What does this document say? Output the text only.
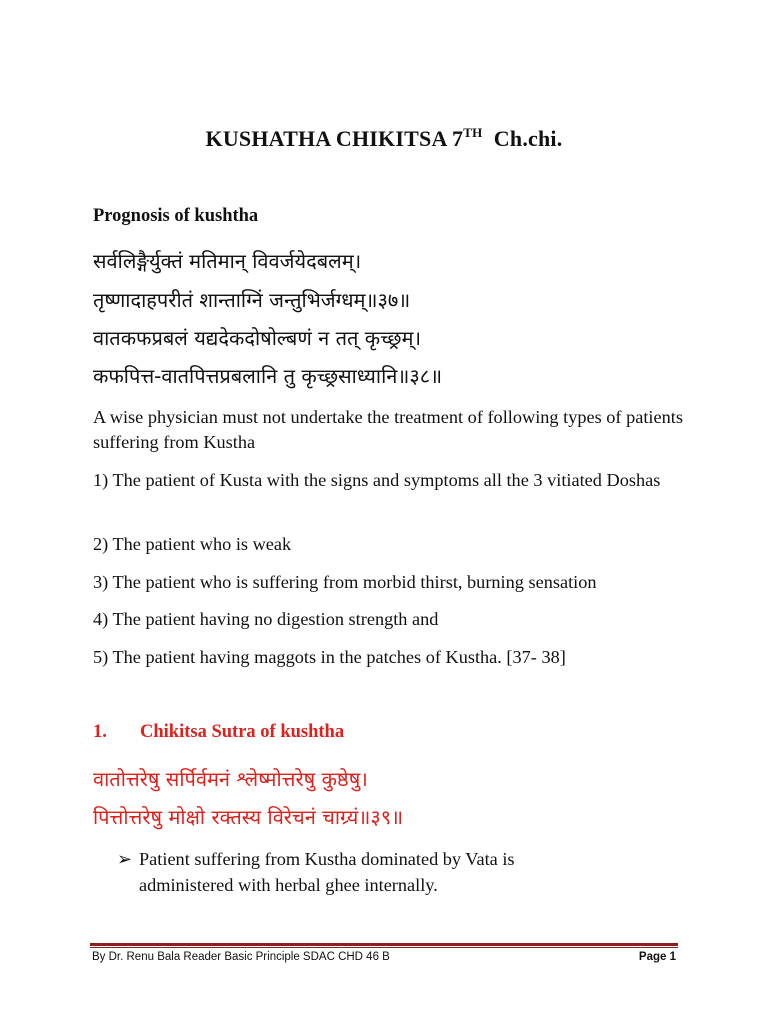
KUSHATHA CHIKITSA 7TH  Ch.chi.
Prognosis of kushtha
सर्वलिङ्गैर्युक्तं मतिमान् विवर्जयेदबलम्।
तृष्णादाहपरीतं शान्ताग्निं जन्तुभिर्जग्धम्॥३७॥
वातकफप्रबलं यद्यदेकदोषोल्बणं न तत् कृच्छ्रम्।
कफपित्त-वातपित्तप्रबलानि तु कृच्छ्रसाध्यानि॥३८॥
A wise physician must not undertake the treatment of following types of patients suffering from Kustha
1) The patient of Kusta with the signs and symptoms all the 3 vitiated Doshas
2) The patient who is weak
3) The patient who is suffering from morbid thirst, burning sensation
4) The patient having no digestion strength and
5) The patient having maggots in the patches of Kustha. [37- 38]
1. Chikitsa Sutra of kushtha
वातोत्तरेषु सर्पिर्वमनं श्लेष्मोत्तरेषु कुष्ठेषु।
पित्तोत्तरेषु मोक्षो रक्तस्य विरेचनं चाग्र्यं॥३९॥
➢ Patient suffering from Kustha dominated by Vata is administered with herbal ghee internally.
By Dr. Renu Bala Reader Basic Principle SDAC CHD 46 B	Page 1
